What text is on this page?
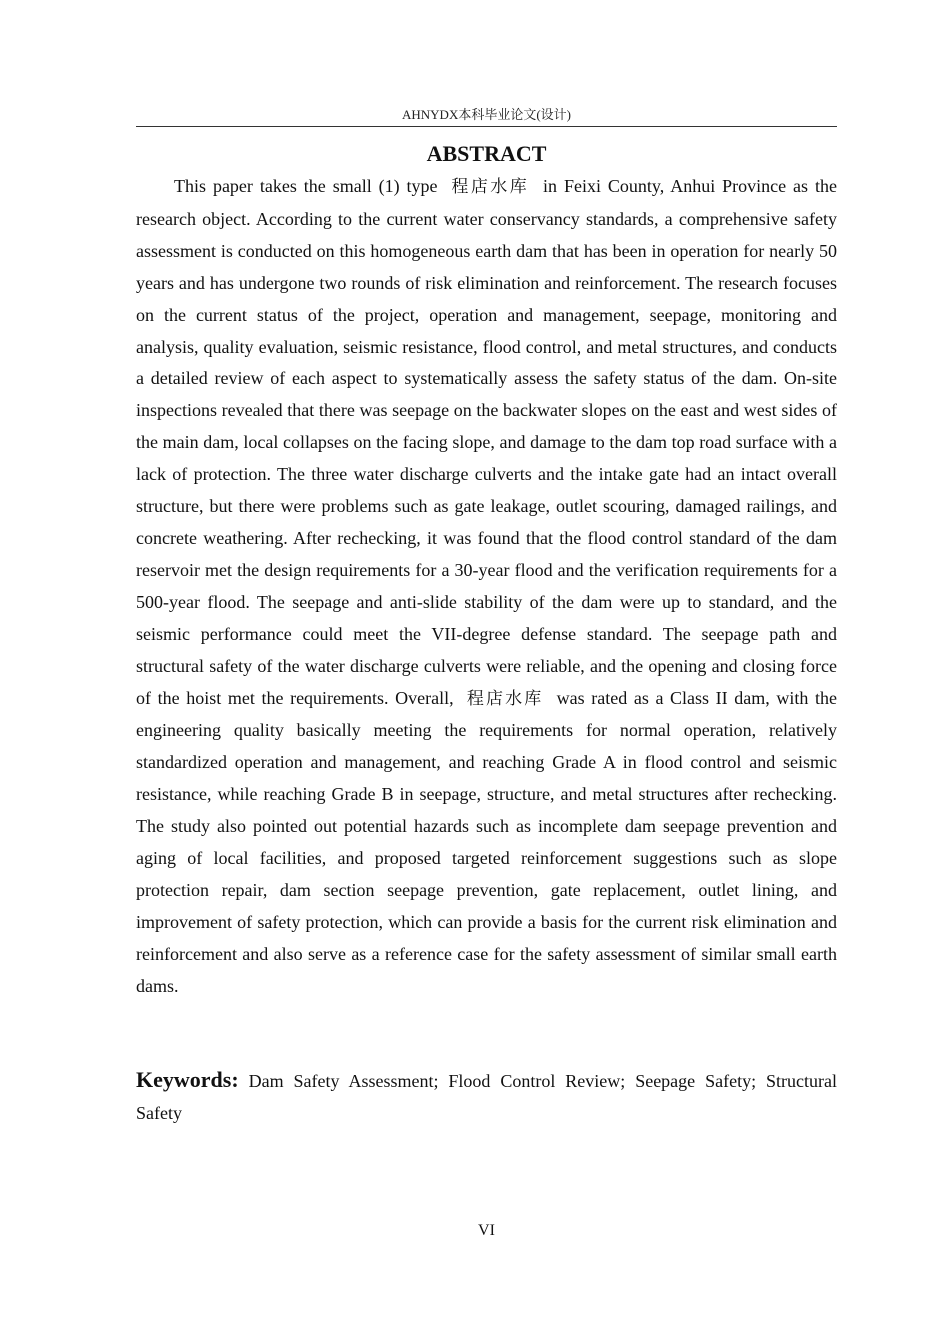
AHNYDX本科毕业论文(设计)
ABSTRACT

This paper takes the small (1) type 程店水库 in Feixi County, Anhui Province as the research object. According to the current water conservancy standards, a comprehensive safety assessment is conducted on this homogeneous earth dam that has been in operation for nearly 50 years and has undergone two rounds of risk elimination and reinforcement. The research focuses on the current status of the project, operation and management, seepage, monitoring and analysis, quality evaluation, seismic resistance, flood control, and metal structures, and conducts a detailed review of each aspect to systematically assess the safety status of the dam. On-site inspections revealed that there was seepage on the backwater slopes on the east and west sides of the main dam, local collapses on the facing slope, and damage to the dam top road surface with a lack of protection. The three water discharge culverts and the intake gate had an intact overall structure, but there were problems such as gate leakage, outlet scouring, damaged railings, and concrete weathering. After rechecking, it was found that the flood control standard of the dam reservoir met the design requirements for a 30-year flood and the verification requirements for a 500-year flood. The seepage and anti-slide stability of the dam were up to standard, and the seismic performance could meet the VII-degree defense standard. The seepage path and structural safety of the water discharge culverts were reliable, and the opening and closing force of the hoist met the requirements. Overall, 程店水库 was rated as a Class II dam, with the engineering quality basically meeting the requirements for normal operation, relatively standardized operation and management, and reaching Grade A in flood control and seismic resistance, while reaching Grade B in seepage, structure, and metal structures after rechecking. The study also pointed out potential hazards such as incomplete dam seepage prevention and aging of local facilities, and proposed targeted reinforcement suggestions such as slope protection repair, dam section seepage prevention, gate replacement, outlet lining, and improvement of safety protection, which can provide a basis for the current risk elimination and reinforcement and also serve as a reference case for the safety assessment of similar small earth dams.

Keywords: Dam Safety Assessment; Flood Control Review; Seepage Safety; Structural Safety

VI
